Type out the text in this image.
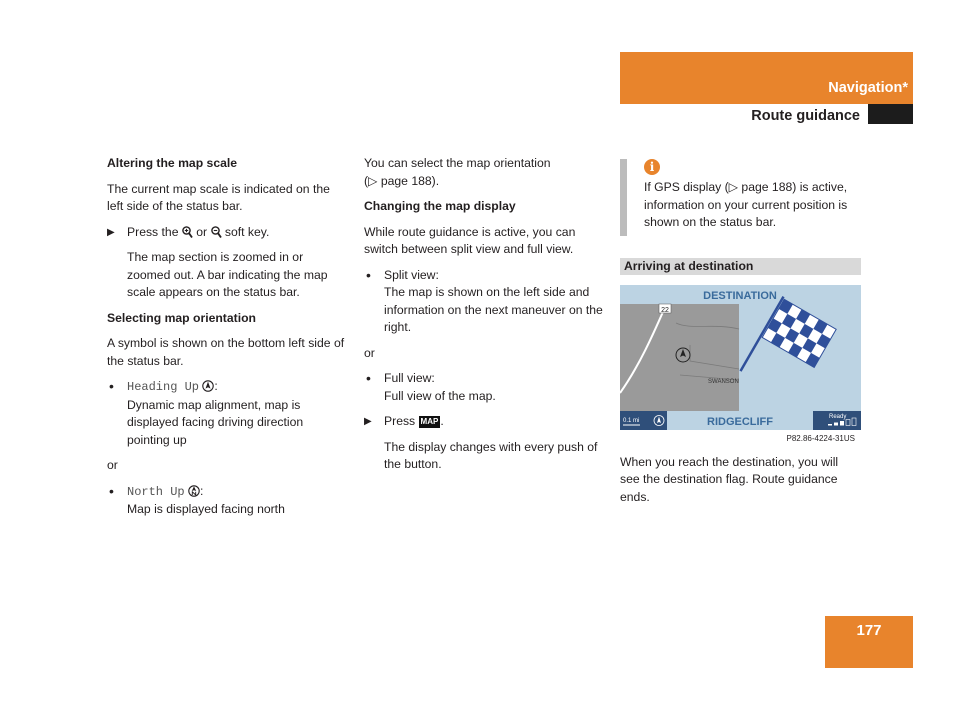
Navigation*
Route guidance

Altering the map scale

The current map scale is indicated on the left side of the status bar.

▶ Press the or soft key.

The map section is zoomed in or zoomed out. A bar indicating the map scale appears on the status bar.

Selecting map orientation

A symbol is shown on the bottom left side of the status bar.

• Heading Up :
Dynamic map alignment, map is displayed facing driving direction pointing up

or

• North Up :
Map is displayed facing north
You can select the map orientation
(▷ page 188).

Changing the map display

While route guidance is active, you can switch between split view and full view.

• Split view:
The map is shown on the left side and information on the next maneuver on the right.

or

• Full view:
Full view of the map.
▶ Press MAP .

The display changes with every push of the button.

i
If GPS display (▷ page 188) is active, information on your current position is shown on the status bar.
Arriving at destination
DESTINATION
22
SWANSON
0.1 mi	RIDGECLIFF	Ready
P82.86-4224-31US

When you reach the destination, you will see the destination flag. Route guidance ends.

177
